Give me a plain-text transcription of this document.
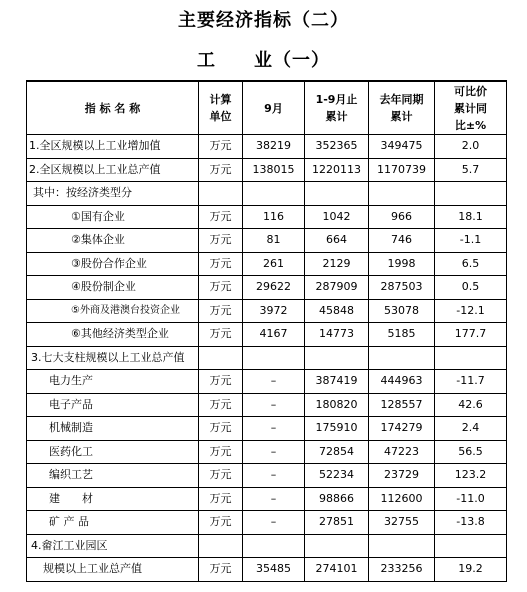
主要经济指标（二）
工　　业（一）
指 标 名 称	计算单位	9月	1-9月止累计	去年同期累计	可比价累计同比±%
1.全区规模以上工业增加值	万元	38219	352365	349475	2.0
2.全区规模以上工业总产值	万元	138015	1220113	1170739	5.7
其中：按经济类型分					
①国有企业	万元	116	1042	966	18.1
②集体企业	万元	81	664	746	-1.1
③股份合作企业	万元	261	2129	1998	6.5
④股份制企业	万元	29622	287909	287503	0.5
⑤外商及港澳台投资企业	万元	3972	45848	53078	-12.1
⑥其他经济类型企业	万元	4167	14773	5185	177.7
3.七大支柱规模以上工业总产值					
电力生产	万元	–	387419	444963	-11.7
电子产品	万元	–	180820	128557	42.6
机械制造	万元	–	175910	174279	2.4
医药化工	万元	–	72854	47223	56.5
编织工艺	万元	–	52234	23729	123.2
建　　材	万元	–	98866	112600	-11.0
矿 产 品	万元	–	27851	32755	-13.8
4.畲江工业园区					
规模以上工业总产值	万元	35485	274101	233256	19.2
